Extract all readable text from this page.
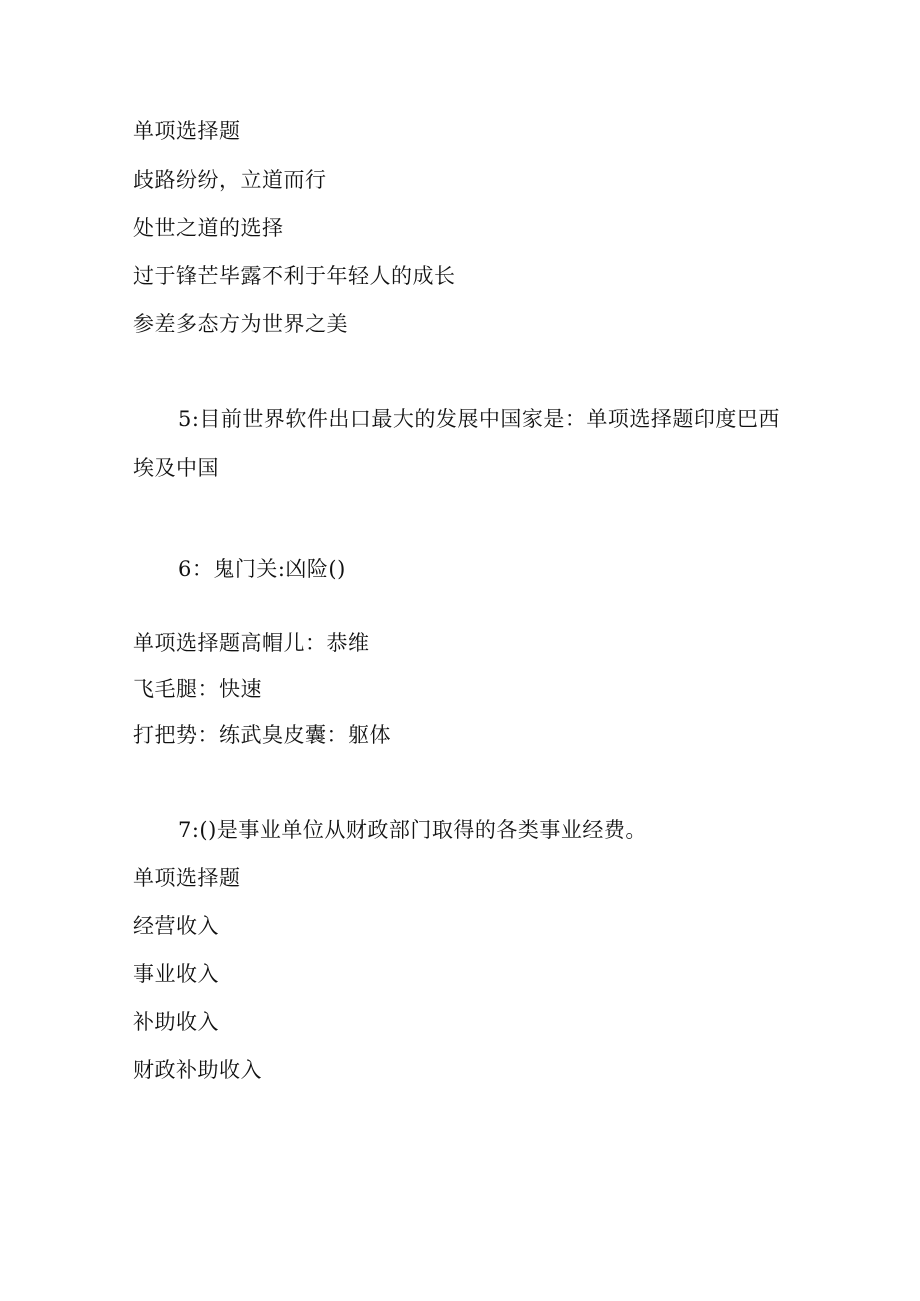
单项选择题

歧路纷纷，立道而行

处世之道的选择

过于锋芒毕露不利于年轻人的成长

参差多态方为世界之美

5:目前世界软件出口最大的发展中国家是：单项选择题印度巴西

埃及中国

6：鬼门关:凶险()

单项选择题高帽儿：恭维

飞毛腿：快速

打把势：练武臭皮囊：躯体

7:()是事业单位从财政部门取得的各类事业经费。

单项选择题

经营收入

事业收入

补助收入

财政补助收入
